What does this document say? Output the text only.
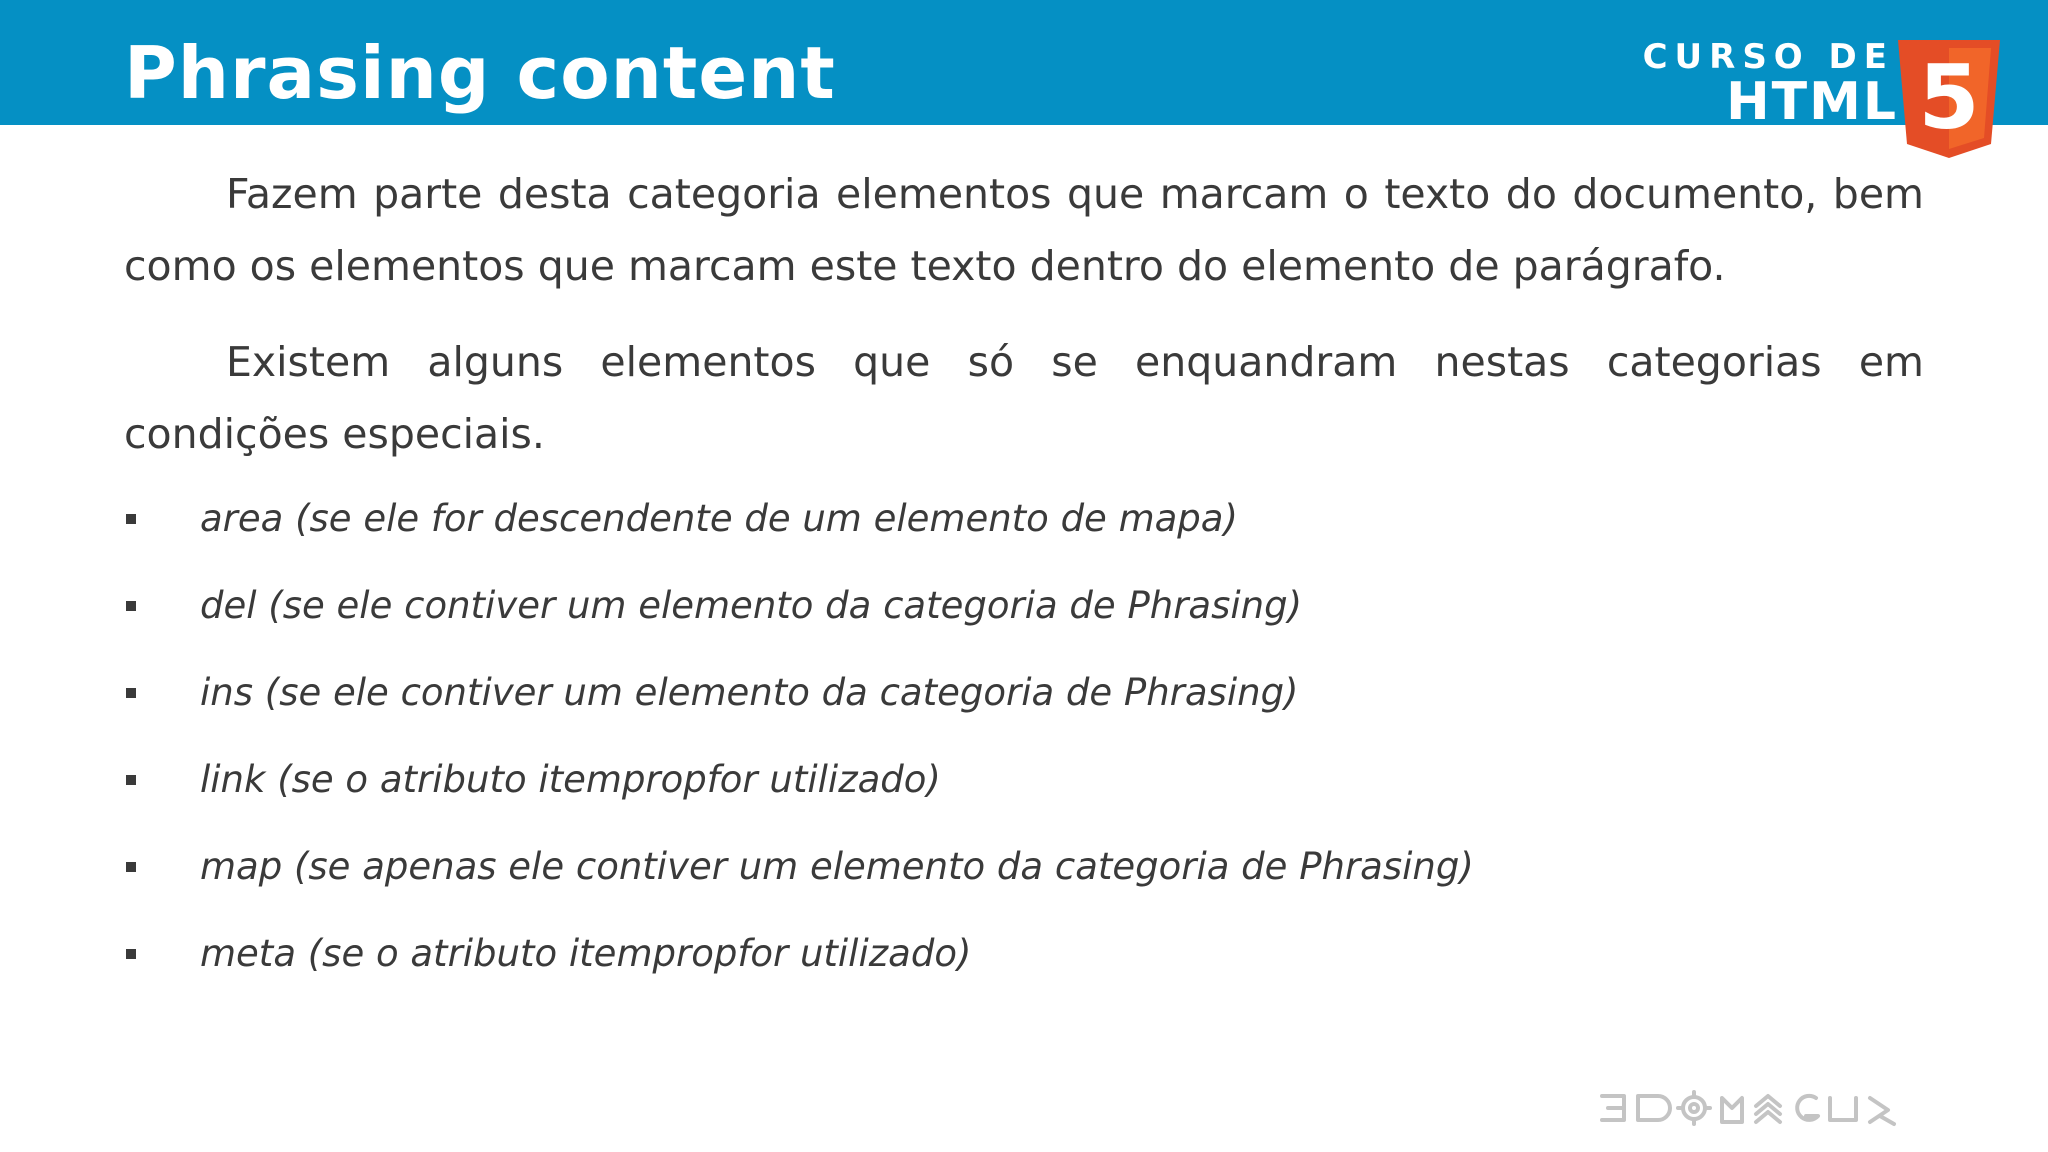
Phrasing content	CURSO DE
HTML 5

Fazem parte desta categoria elementos que marcam o texto do documento, bem como os elementos que marcam este texto dentro do elemento de parágrafo.

Existem alguns elementos que só se enquandram nestas categorias em condições especiais.

area (se ele for descendente de um elemento de mapa)
del (se ele contiver um elemento da categoria de Phrasing)
ins (se ele contiver um elemento da categoria de Phrasing)
link (se o atributo itempropfor utilizado)
map (se apenas ele contiver um elemento da categoria de Phrasing)
meta (se o atributo itempropfor utilizado)
